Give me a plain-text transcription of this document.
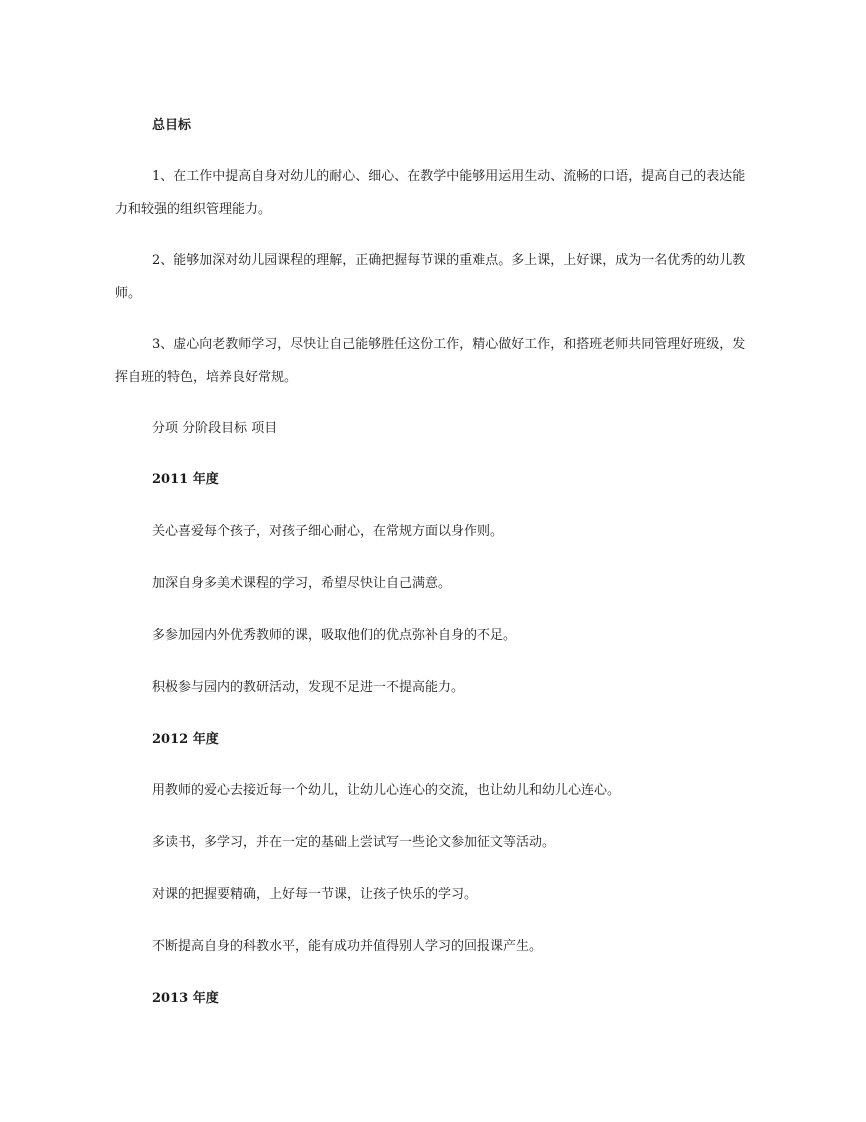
总目标
1、在工作中提高自身对幼儿的耐心、细心、在教学中能够用运用生动、流畅的口语，提高自己的表达能
力和较强的组织管理能力。
2、能够加深对幼儿园课程的理解，正确把握每节课的重难点。多上课，上好课，成为一名优秀的幼儿教
师。
3、虚心向老教师学习，尽快让自己能够胜任这份工作，精心做好工作，和搭班老师共同管理好班级，发
挥自班的特色，培养良好常规。
分项 分阶段目标 项目
2011 年度
关心喜爱每个孩子，对孩子细心耐心，在常规方面以身作则。
加深自身多美术课程的学习，希望尽快让自己满意。
多参加园内外优秀教师的课，吸取他们的优点弥补自身的不足。
积极参与园内的教研活动，发现不足进一不提高能力。
2012 年度
用教师的爱心去接近每一个幼儿，让幼儿心连心的交流，也让幼儿和幼儿心连心。
多读书，多学习，并在一定的基础上尝试写一些论文参加征文等活动。
对课的把握要精确，上好每一节课，让孩子快乐的学习。
不断提高自身的科教水平，能有成功并值得别人学习的回报课产生。
2013 年度
